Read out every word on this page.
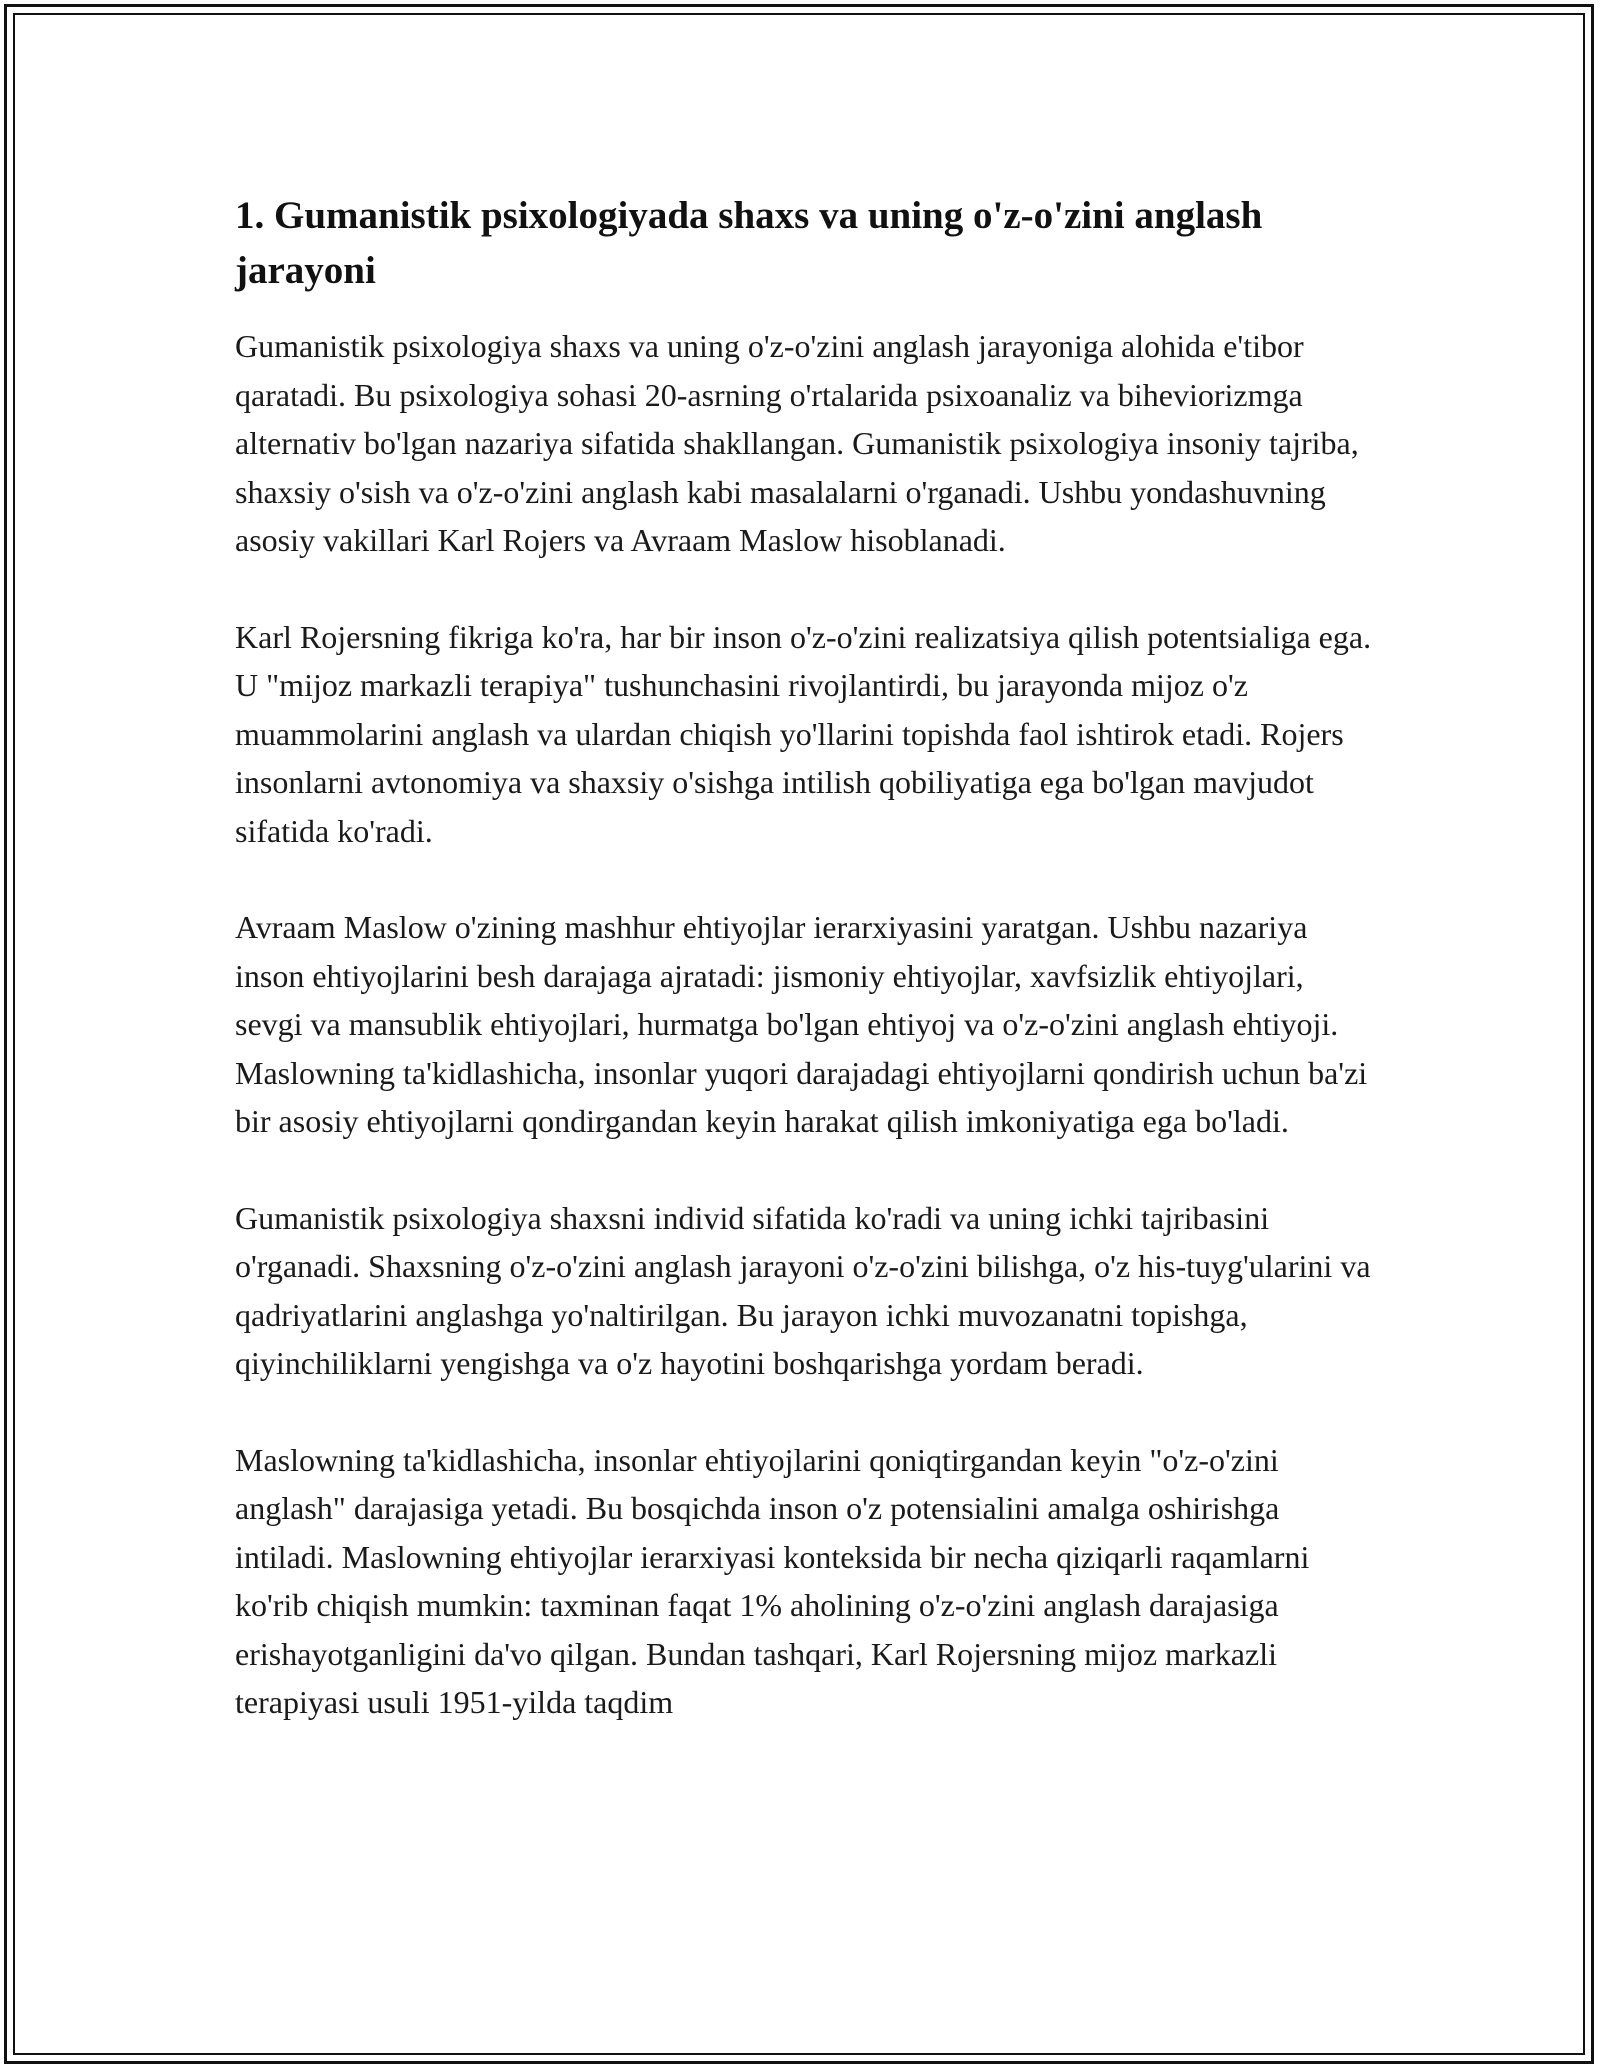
1. Gumanistik psixologiyada shaxs va uning o'z-o'zini anglash jarayoni

Gumanistik psixologiya shaxs va uning o'z-o'zini anglash jarayoniga alohida e'tibor qaratadi. Bu psixologiya sohasi 20-asrning o'rtalarida psixoanaliz va biheviorizmga alternativ bo'lgan nazariya sifatida shakllangan. Gumanistik psixologiya insoniy tajriba, shaxsiy o'sish va o'z-o'zini anglash kabi masalalarni o'rganadi. Ushbu yondashuvning asosiy vakillari Karl Rojers va Avraam Maslow hisoblanadi.

Karl Rojersning fikriga ko'ra, har bir inson o'z-o'zini realizatsiya qilish potentsialiga ega. U "mijoz markazli terapiya" tushunchasini rivojlantirdi, bu jarayonda mijoz o'z muammolarini anglash va ulardan chiqish yo'llarini topishda faol ishtirok etadi. Rojers insonlarni avtonomiya va shaxsiy o'sishga intilish qobiliyatiga ega bo'lgan mavjudot sifatida ko'radi.

Avraam Maslow o'zining mashhur ehtiyojlar ierarxiyasini yaratgan. Ushbu nazariya inson ehtiyojlarini besh darajaga ajratadi: jismoniy ehtiyojlar, xavfsizlik ehtiyojlari, sevgi va mansublik ehtiyojlari, hurmatga bo'lgan ehtiyoj va o'z-o'zini anglash ehtiyoji. Maslowning ta'kidlashicha, insonlar yuqori darajadagi ehtiyojlarni qondirish uchun ba'zi bir asosiy ehtiyojlarni qondirgandan keyin harakat qilish imkoniyatiga ega bo'ladi.

Gumanistik psixologiya shaxsni individ sifatida ko'radi va uning ichki tajribasini o'rganadi. Shaxsning o'z-o'zini anglash jarayoni o'z-o'zini bilishga, o'z his-tuyg'ularini va qadriyatlarini anglashga yo'naltirilgan. Bu jarayon ichki muvozanatni topishga, qiyinchiliklarni yengishga va o'z hayotini boshqarishga yordam beradi.

Maslowning ta'kidlashicha, insonlar ehtiyojlarini qoniqtirgandan keyin "o'z-o'zini anglash" darajasiga yetadi. Bu bosqichda inson o'z potensialini amalga oshirishga intiladi. Maslowning ehtiyojlar ierarxiyasi konteksida bir necha qiziqarli raqamlarni ko'rib chiqish mumkin: taxminan faqat 1% aholining o'z-o'zini anglash darajasiga erishayotganligini da'vo qilgan. Bundan tashqari, Karl Rojersning mijoz markazli terapiyasi usuli 1951-yilda taqdim
